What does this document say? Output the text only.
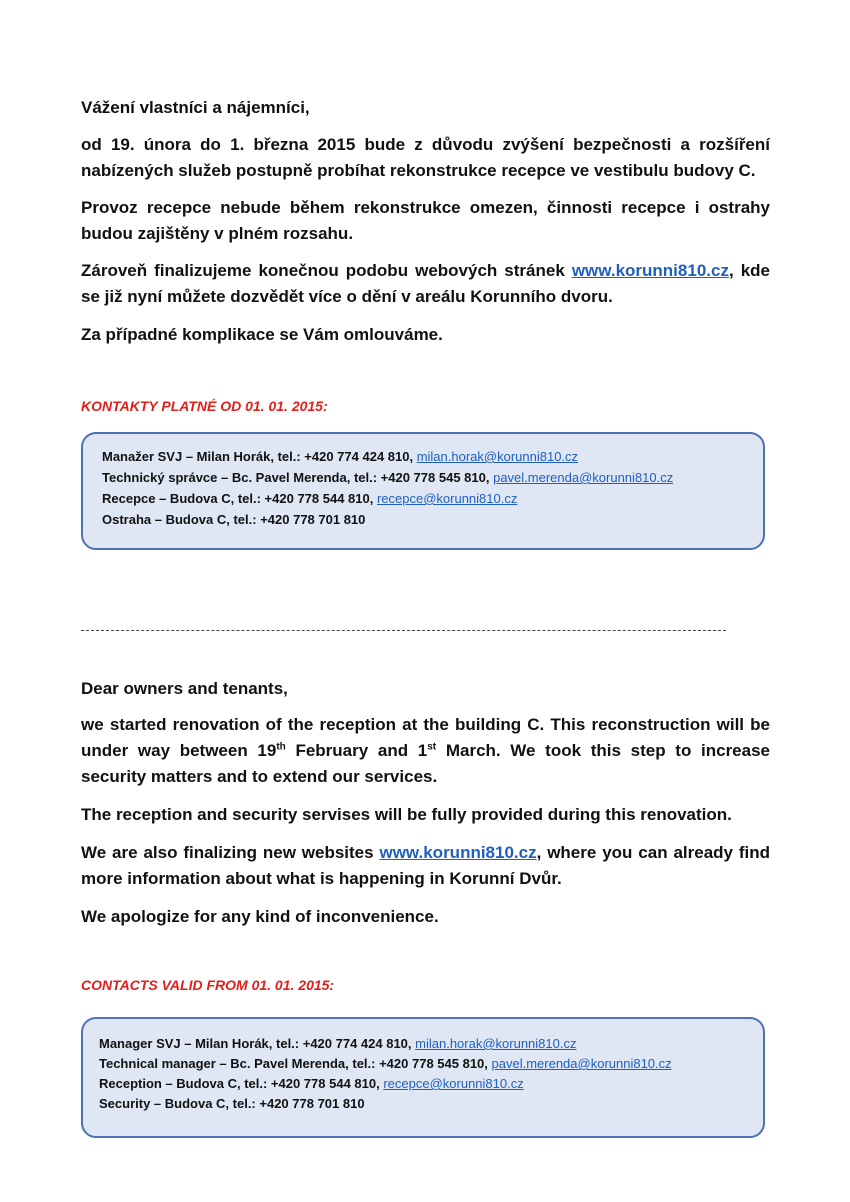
Vážení vlastníci a nájemníci,

od 19. února do 1. března 2015 bude z důvodu zvýšení bezpečnosti a rozšíření nabízených služeb postupně probíhat rekonstrukce recepce ve vestibulu budovy C.

Provoz recepce nebude během rekonstrukce omezen, činnosti recepce i ostrahy budou zajištěny v plném rozsahu.

Zároveň finalizujeme konečnou podobu webových stránek www.korunni810.cz, kde se již nyní můžete dozvědět více o dění v areálu Korunního dvoru.

Za případné komplikace se Vám omlouváme.

KONTAKTY PLATNÉ OD 01. 01. 2015:

Manažer SVJ – Milan Horák, tel.: +420 774 424 810, milan.horak@korunni810.cz

Technický správce – Bc. Pavel Merenda, tel.: +420 778 545 810, pavel.merenda@korunni810.cz

Recepce – Budova C, tel.: +420 778 544 810, recepce@korunni810.cz

Ostraha – Budova C, tel.: +420 778 701 810

Dear owners and tenants,

we started renovation of the reception at the building C. This reconstruction will be under way between 19th February and 1st March. We took this step to increase security matters and to extend our services.

The reception and security servises will be fully provided during this renovation.

We are also finalizing new websites www.korunni810.cz, where you can already find more information about what is happening in Korunní Dvůr.

We apologize for any kind of inconvenience.

CONTACTS VALID FROM 01. 01. 2015:

Manager SVJ – Milan Horák, tel.: +420 774 424 810, milan.horak@korunni810.cz

Technical manager – Bc. Pavel Merenda, tel.: +420 778 545 810, pavel.merenda@korunni810.cz

Reception – Budova C, tel.: +420 778 544 810, recepce@korunni810.cz

Security – Budova C, tel.: +420 778 701 810
